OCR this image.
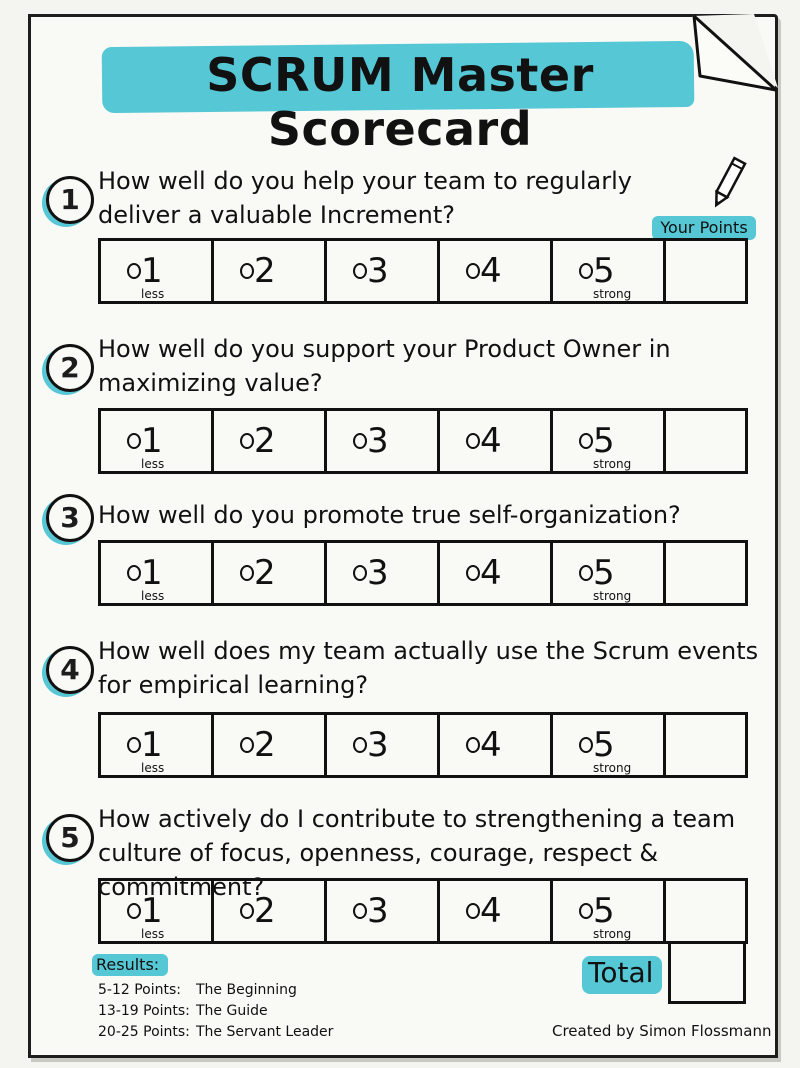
SCRUM Master Scorecard
Your Points
1
How well do you help your team to regularly
deliver a valuable Increment?
1
less
2	3	4	5
strong
2
How well do you support your Product Owner in
maximizing value?
1
less
2	3	4	5
strong
3 How well do you promote true self-organization?
1
less
2	3	4	5
strong
4
How well does my team actually use the Scrum events
for empirical learning?
1
less
2	3	4	5
strong
5
How actively do I contribute to strengthening a team
culture of focus, openness, courage, respect & commitment?
1
less
2	3	4	5
strong
Results:
5-12 Points: The Beginning
13-19 Points: The Guide
20-25 Points: The Servant Leader
Total
Created by Simon Flossmann
